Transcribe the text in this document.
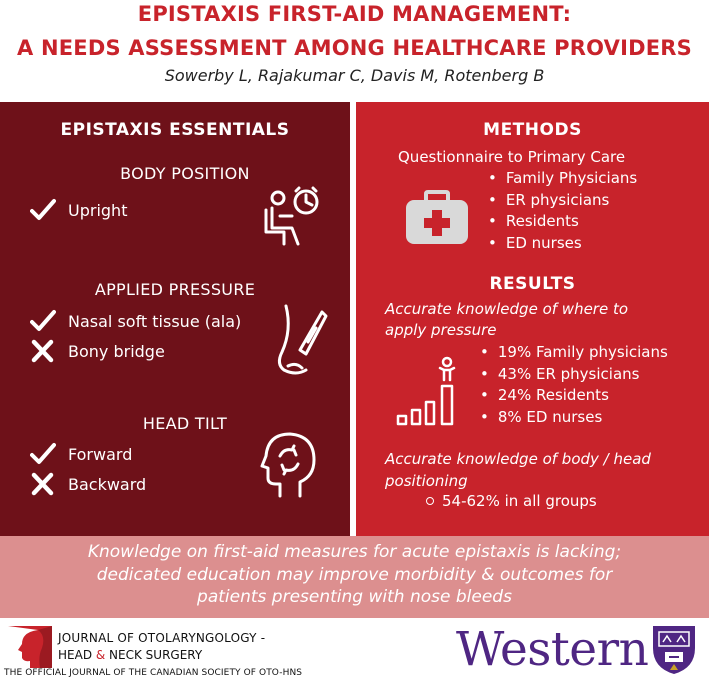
EPISTAXIS FIRST-AID MANAGEMENT:
A NEEDS ASSESSMENT AMONG HEALTHCARE PROVIDERS
Sowerby L, Rajakumar C, Davis M, Rotenberg B
EPISTAXIS ESSENTIALS
BODY POSITION
Upright
APPLIED PRESSURE
Nasal soft tissue (ala)
Bony bridge
HEAD TILT
Forward
Backward
METHODS
Questionnaire to Primary Care
• Family Physicians
• ER physicians
• Residents
• ED nurses
RESULTS
Accurate knowledge of where to
apply pressure
• 19% Family physicians
• 43% ER physicians
• 24% Residents
• 8% ED nurses
Accurate knowledge of body / head
positioning
54-62% in all groups
Knowledge on first-aid measures for acute epistaxis is lacking;
dedicated education may improve morbidity & outcomes for
patients presenting with nose bleeds
JOURNAL OF OTOLARYNGOLOGY -
HEAD & NECK SURGERY
THE OFFICIAL JOURNAL OF THE CANADIAN SOCIETY OF OTO-HNS	Western
